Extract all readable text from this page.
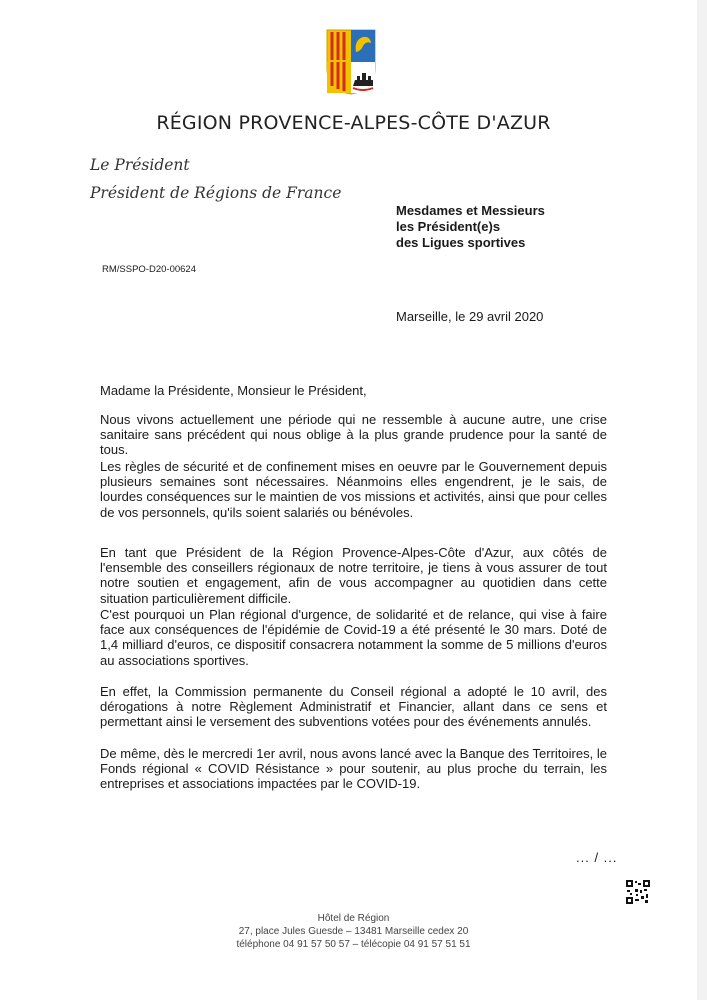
RÉGION PROVENCE-ALPES-CÔTE D'AZUR
Le Président
Président de Régions de France
Mesdames et Messieurs
les Président(e)s
des Ligues sportives
RM/SSPO-D20-00624
Marseille, le 29 avril 2020
Madame la Présidente, Monsieur le Président,

Nous vivons actuellement une période qui ne ressemble à aucune autre, une crise sanitaire sans précédent qui nous oblige à la plus grande prudence pour la santé de tous.

Les règles de sécurité et de confinement mises en oeuvre par le Gouvernement depuis plusieurs semaines sont nécessaires. Néanmoins elles engendrent, je le sais, de lourdes conséquences sur le maintien de vos missions et activités, ainsi que pour celles de vos personnels, qu'ils soient salariés ou bénévoles.

En tant que Président de la Région Provence-Alpes-Côte d'Azur, aux côtés de l'ensemble des conseillers régionaux de notre territoire, je tiens à vous assurer de tout notre soutien et engagement, afin de vous accompagner au quotidien dans cette situation particulièrement difficile.

C'est pourquoi un Plan régional d'urgence, de solidarité et de relance, qui vise à faire face aux conséquences de l'épidémie de Covid-19 a été présenté le 30 mars. Doté de 1,4 milliard d'euros, ce dispositif consacrera notamment la somme de 5 millions d'euros au associations sportives.

En effet, la Commission permanente du Conseil régional a adopté le 10 avril, des dérogations à notre Règlement Administratif et Financier, allant dans ce sens et permettant ainsi le versement des subventions votées pour des événements annulés.

De même, dès le mercredi 1er avril, nous avons lancé avec la Banque des Territoires, le Fonds régional « COVID Résistance » pour soutenir, au plus proche du terrain, les entreprises et associations impactées par le COVID-19.

... / ...
Hôtel de Région
27, place Jules Guesde – 13481 Marseille cedex 20
téléphone 04 91 57 50 57 – télécopie 04 91 57 51 51
